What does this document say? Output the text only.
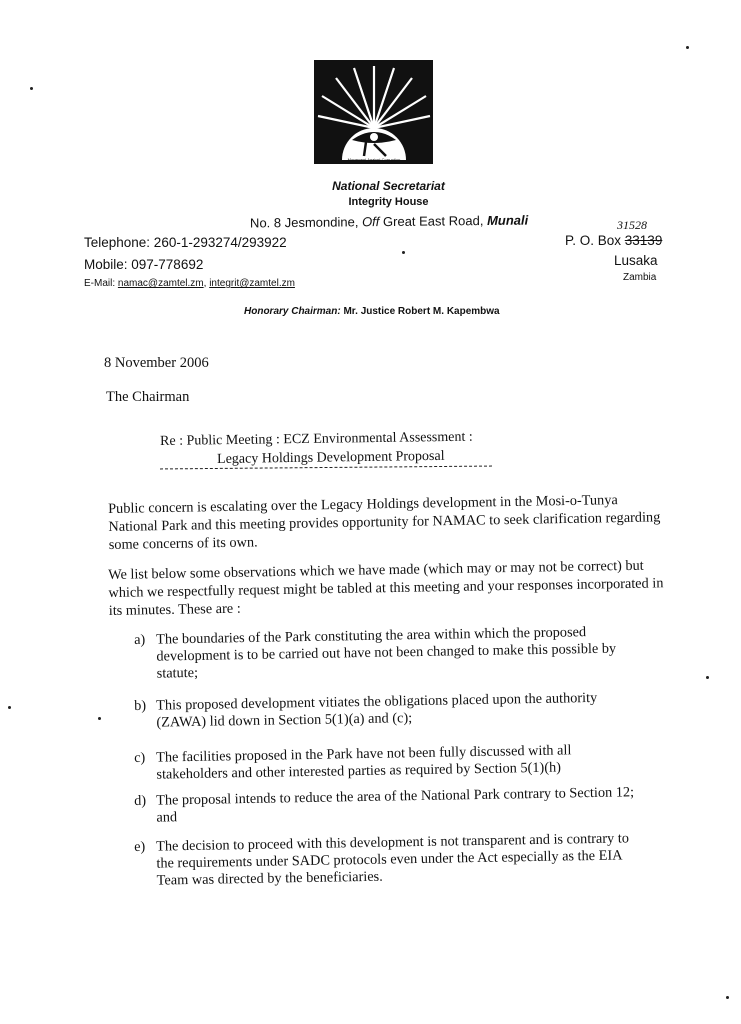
Movement Against Corruption
National Secretariat
Integrity House
No. 8 Jesmondine, Off Great East Road, Munali
Telephone: 260-1-293274/293922
Mobile: 097-778692
E-Mail: namac@zamtel.zm, integrit@zamtel.zm
31528
P. O. Box 33139
Lusaka
Zambia
Honorary Chairman: Mr. Justice Robert M. Kapembwa
8 November 2006
The Chairman
Re : Public Meeting : ECZ Environmental Assessment :
Legacy Holdings Development Proposal
Public concern is escalating over the Legacy Holdings development in the Mosi-o-Tunya National Park and this meeting provides opportunity for NAMAC to seek clarification regarding some concerns of its own.
We list below some observations which we have made (which may or may not be correct) but which we respectfully request might be tabled at this meeting and your responses incorporated in its minutes. These are :
a) The boundaries of the Park constituting the area within which the proposed development is to be carried out have not been changed to make this possible by statute;
b) This proposed development vitiates the obligations placed upon the authority (ZAWA) lid down in Section 5(1)(a) and (c);
c) The facilities proposed in the Park have not been fully discussed with all stakeholders and other interested parties as required by Section 5(1)(h)
d) The proposal intends to reduce the area of the National Park contrary to Section 12; and
e) The decision to proceed with this development is not transparent and is contrary to the requirements under SADC protocols even under the Act especially as the EIA Team was directed by the beneficiaries.
